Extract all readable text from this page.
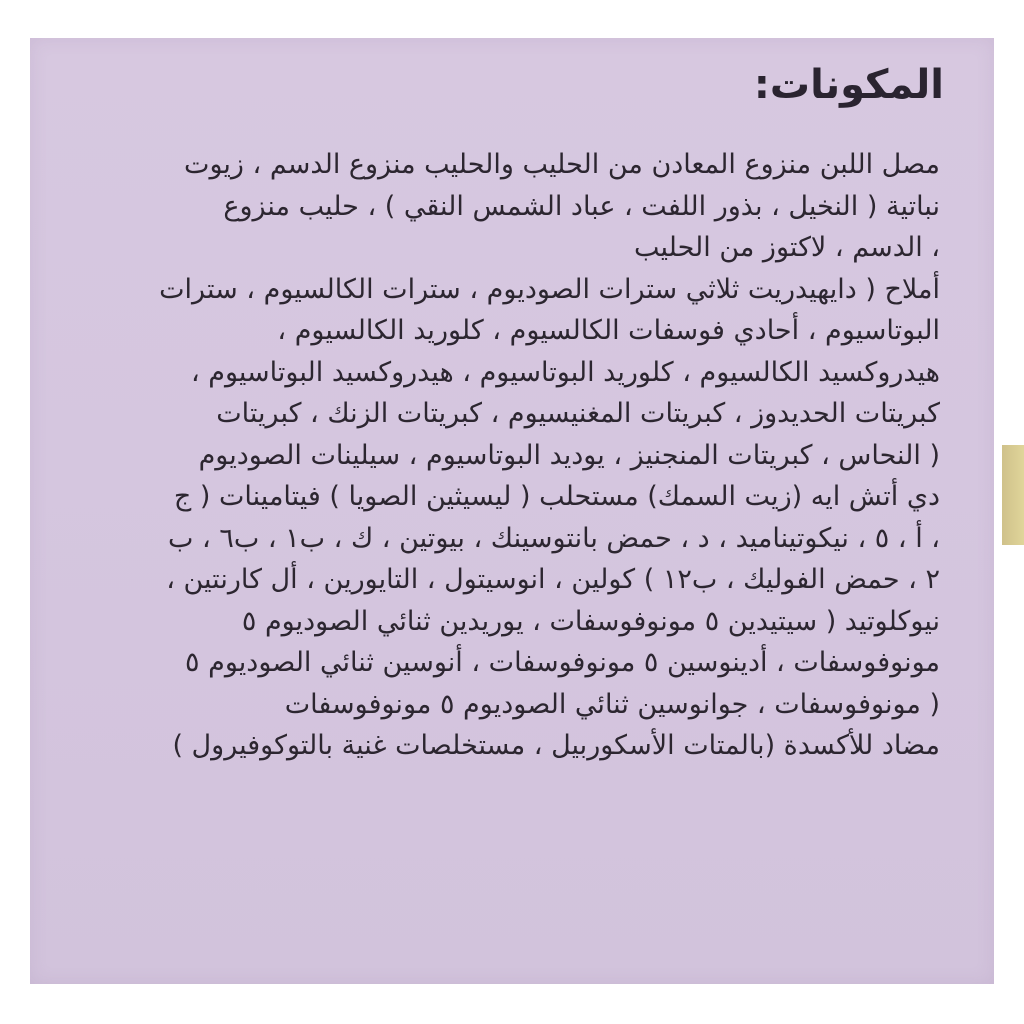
المكونات:
مصل اللبن منزوع المعادن من الحليب والحليب منزوع الدسم ، زيوت
نباتية ( النخيل ، بذور اللفت ، عباد الشمس النقي ) ، حليب منزوع
، الدسم ، لاكتوز من الحليب
أملاح ( دايهيدريت ثلاثي سترات الصوديوم ، سترات الكالسيوم ، سترات
البوتاسيوم ، أحادي فوسفات الكالسيوم ، كلوريد الكالسيوم ،
هيدروكسيد الكالسيوم ، كلوريد البوتاسيوم ، هيدروكسيد البوتاسيوم ،
كبريتات الحديدوز ، كبريتات المغنيسيوم ، كبريتات الزنك ، كبريتات
( النحاس ، كبريتات المنجنيز ، يوديد البوتاسيوم ، سيلينات الصوديوم
دي أتش ايه (زيت السمك) مستحلب ( ليسيثين الصويا ) فيتامينات ( ج
، أ ، ٥ ، نيكوتيناميد ، د ، حمض بانتوسينك ، بيوتين ، ك ، ب١ ، ب٦ ، ب
٢ ، حمض الفوليك ، ب١٢ ) كولين ، انوسيتول ، التايورين ، أل كارنتين ،
نيوكلوتيد ( سيتيدين ٥ مونوفوسفات ، يوريدين ثنائي الصوديوم ٥
مونوفوسفات ، أدينوسين ٥ مونوفوسفات ، أنوسين ثنائي الصوديوم ٥
( مونوفوسفات ، جوانوسين ثنائي الصوديوم ٥ مونوفوسفات
مضاد للأكسدة (بالمتات الأسكوربيل ، مستخلصات غنية بالتوكوفيرول )
